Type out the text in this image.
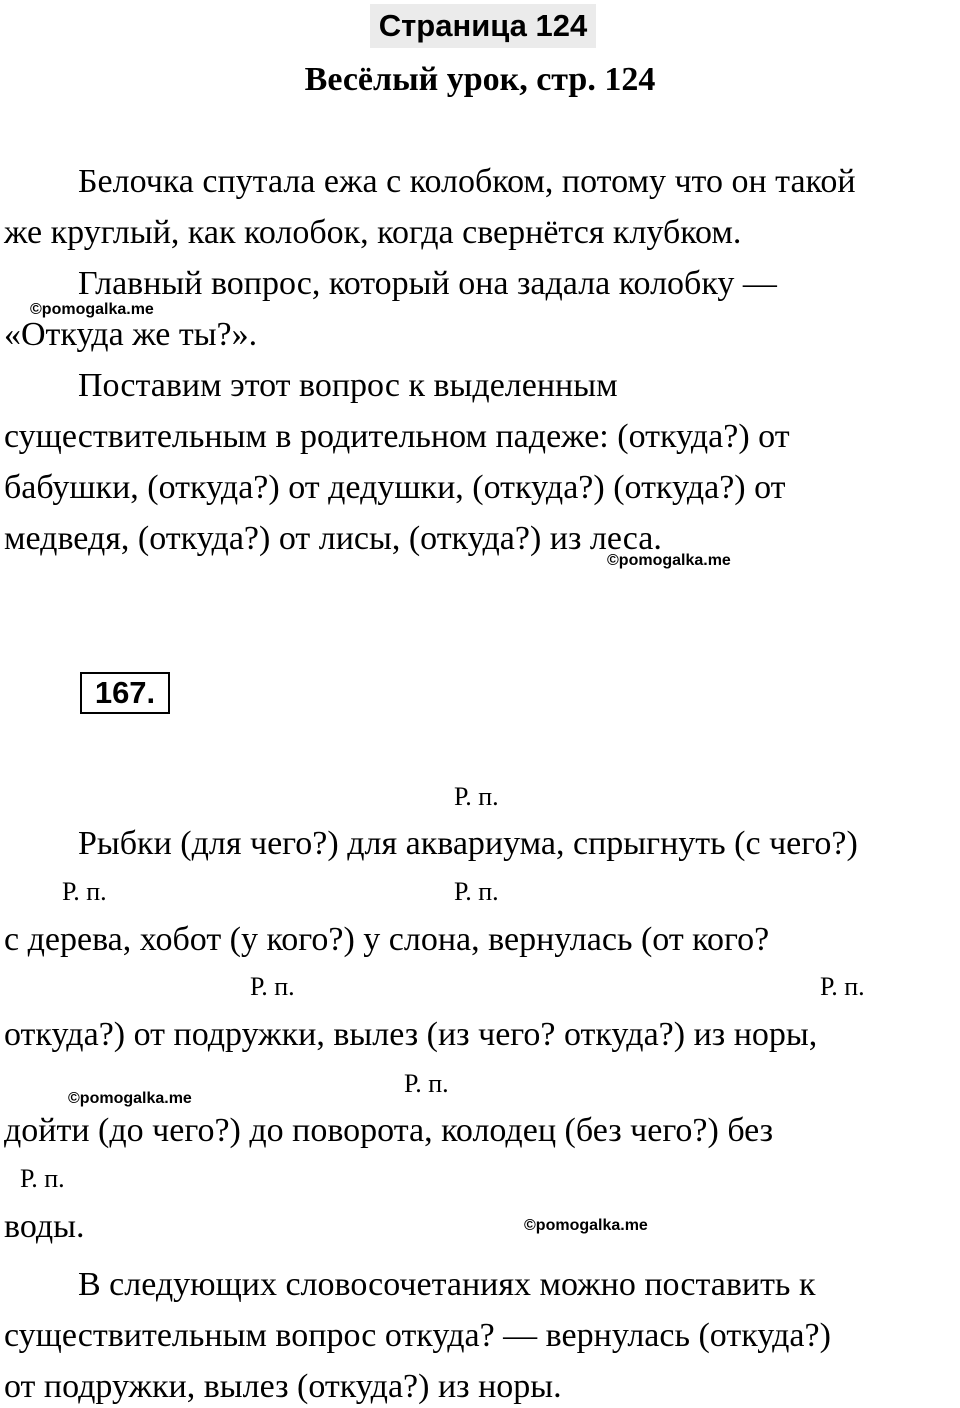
Страница 124
Весёлый урок, стр. 124
Белочка спутала ежа с колобком, потому что он такой
же круглый, как колобок, когда свернётся клубком.
Главный вопрос, который она задала колобку —
©pomogalka.me
«Откуда же ты?».
Поставим этот вопрос к выделенным
существительным в родительном падеже: (откуда?) от
бабушки, (откуда?) от дедушки, (откуда?) (откуда?) от
медведя, (откуда?) от лисы, (откуда?) из леса.
©pomogalka.me
167.
Р. п.
Рыбки (для чего?) для аквариума, спрыгнуть (с чего?)
Р. п.	Р. п.
с дерева, хобот (у кого?) у слона, вернулась (от кого?
Р. п.	Р. п.
откуда?) от подружки, вылез (из чего? откуда?) из норы,
Р. п.
©pomogalka.me
дойти (до чего?) до поворота, колодец (без чего?) без
Р. п.
воды.	©pomogalka.me
В следующих словосочетаниях можно поставить к
существительным вопрос откуда? — вернулась (откуда?)
от подружки, вылез (откуда?) из норы.
